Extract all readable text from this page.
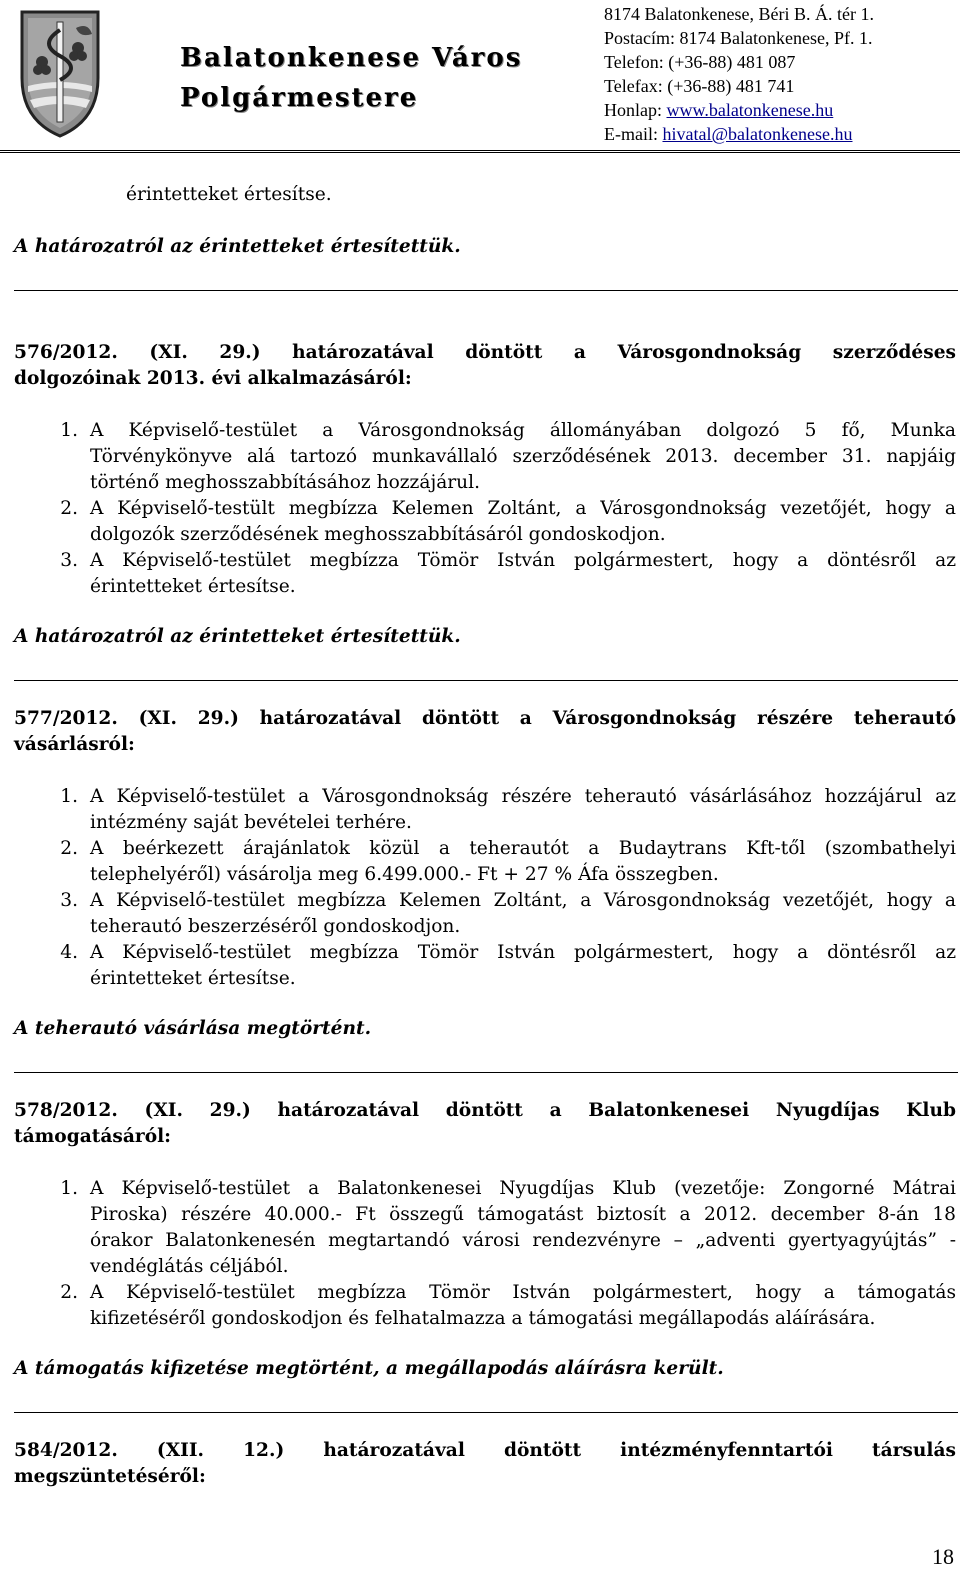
Balatonkenese Város
Polgármestere
8174 Balatonkenese, Béri B. Á. tér 1.
Postacím: 8174 Balatonkenese, Pf. 1.
Telefon: (+36-88) 481 087
Telefax: (+36-88) 481 741
Honlap: www.balatonkenese.hu
E-mail: hivatal@balatonkenese.hu
érintetteket értesítse.
A határozatról az érintetteket értesítettük.
576/2012. (XI. 29.) határozatával döntött a Városgondnokság szerződéses
dolgozóinak 2013. évi alkalmazásáról:
1. A Képviselő-testület a Városgondnokság állományában dolgozó 5 fő, Munka
Törvénykönyve alá tartozó munkavállaló szerződésének 2013. december 31. napjáig
történő meghosszabbításához hozzájárul.
2. A Képviselő-testült megbízza Kelemen Zoltánt, a Városgondnokság vezetőjét, hogy a
dolgozók szerződésének meghosszabbításáról gondoskodjon.
3. A Képviselő-testület megbízza Tömör István polgármestert, hogy a döntésről az
érintetteket értesítse.
A határozatról az érintetteket értesítettük.
577/2012. (XI. 29.) határozatával döntött a Városgondnokság részére teherautó
vásárlásról:
1. A Képviselő-testület a Városgondnokság részére teherautó vásárlásához hozzájárul az
intézmény saját bevételei terhére.
2. A beérkezett árajánlatok közül a teherautót a Budaytrans Kft-től (szombathelyi
telephelyéről) vásárolja meg 6.499.000.- Ft + 27 % Áfa összegben.
3. A Képviselő-testület megbízza Kelemen Zoltánt, a Városgondnokság vezetőjét, hogy a
teherautó beszerzéséről gondoskodjon.
4. A Képviselő-testület megbízza Tömör István polgármestert, hogy a döntésről az
érintetteket értesítse.
A teherautó vásárlása megtörtént.
578/2012. (XI. 29.) határozatával döntött a Balatonkenesei Nyugdíjas Klub
támogatásáról:
1. A Képviselő-testület a Balatonkenesei Nyugdíjas Klub (vezetője: Zongorné Mátrai
Piroska) részére 40.000.- Ft összegű támogatást biztosít a 2012. december 8-án 18
órakor Balatonkenesén megtartandó városi rendezvényre – „adventi gyertyagyújtás” -
vendéglátás céljából.
2. A Képviselő-testület megbízza Tömör István polgármestert, hogy a támogatás
kifizetéséről gondoskodjon és felhatalmazza a támogatási megállapodás aláírására.
A támogatás kifizetése megtörtént, a megállapodás aláírásra került.
584/2012. (XII. 12.) határozatával döntött intézményfenntartói társulás
megszüntetéséről:
18
